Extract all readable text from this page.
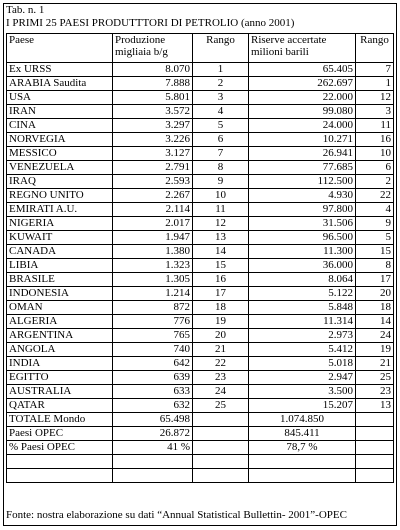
Tab. n. 1
I PRIMI 25 PAESI PRODUTTTORI DI PETROLIO (anno 2001)
Paese	Produzione migliaia b/g	Rango	Riserve accertate milioni barili	Rango
Ex URSS	8.070	1	65.405	7
ARABIA Saudita	7.888	2	262.697	1
USA	5.801	3	22.000	12
IRAN	3.572	4	99.080	3
CINA	3.297	5	24.000	11
NORVEGIA	3.226	6	10.271	16
MESSICO	3.127	7	26.941	10
VENEZUELA	2.791	8	77.685	6
IRAQ	2.593	9	112.500	2
REGNO UNITO	2.267	10	4.930	22
EMIRATI A.U.	2.114	11	97.800	4
NIGERIA	2.017	12	31.506	9
KUWAIT	1.947	13	96.500	5
CANADA	1.380	14	11.300	15
LIBIA	1.323	15	36.000	8
BRASILE	1.305	16	8.064	17
INDONESIA	1.214	17	5.122	20
OMAN	872	18	5.848	18
ALGERIA	776	19	11.314	14
ARGENTINA	765	20	2.973	24
ANGOLA	740	21	5.412	19
INDIA	642	22	5.018	21
EGITTO	639	23	2.947	25
AUSTRALIA	633	24	3.500	23
QATAR	632	25	15.207	13
TOTALE Mondo	65.498		1.074.850	
Paesi OPEC	26.872		845.411	
% Paesi OPEC	41 %		78,7 %	

Fonte: nostra elaborazione su dati “Annual Statistical Bullettin- 2001”-OPEC
